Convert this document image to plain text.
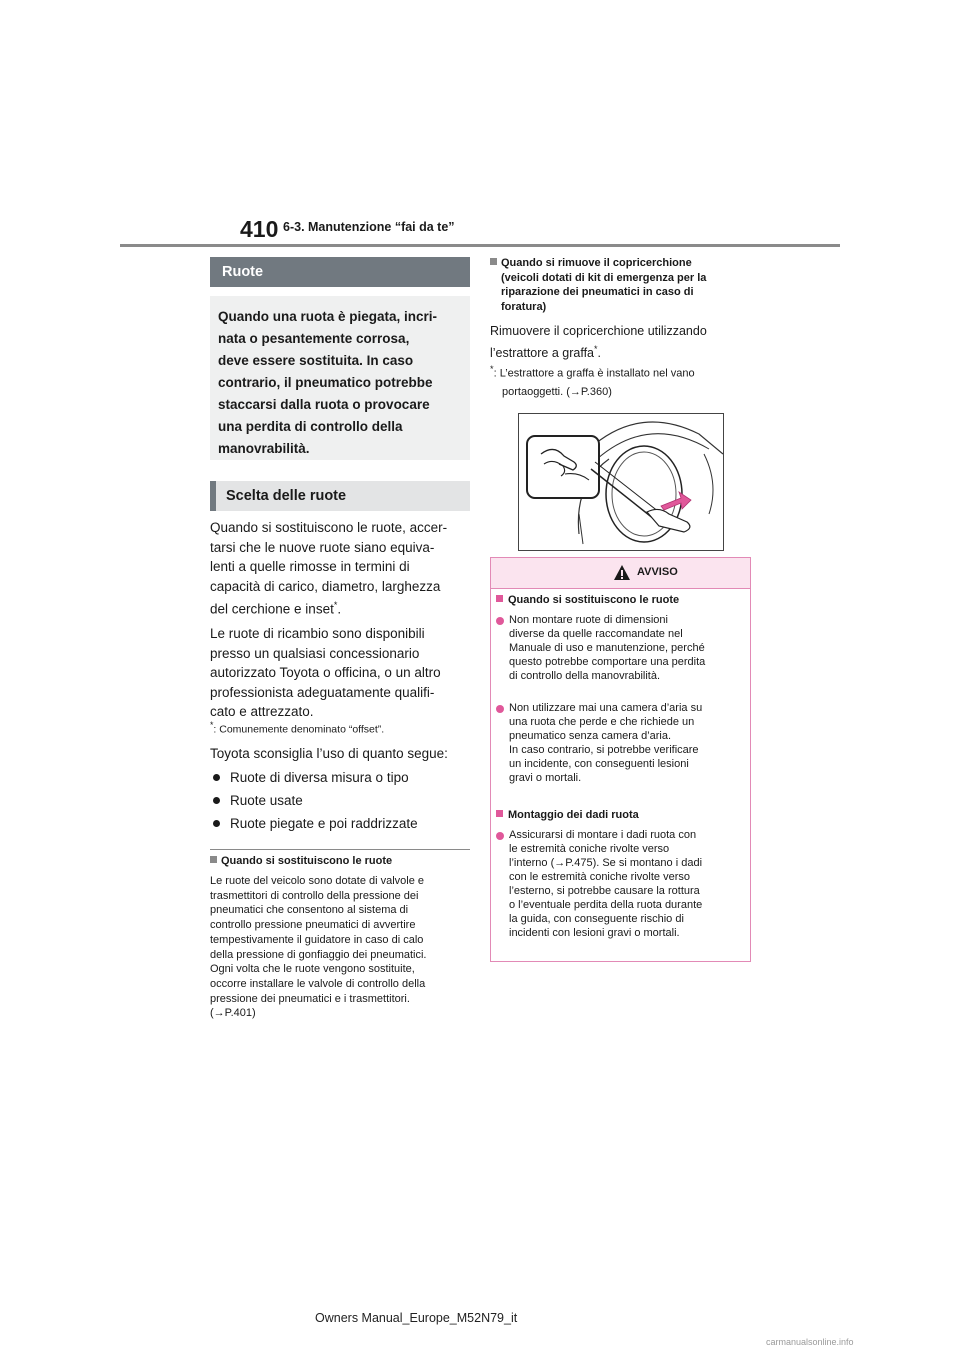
410 6-3. Manutenzione “fai da te”
Ruote
Quando una ruota è piegata, incri-
nata o pesantemente corrosa,
deve essere sostituita. In caso
contrario, il pneumatico potrebbe
staccarsi dalla ruota o provocare
una perdita di controllo della
manovrabilità.
Scelta delle ruote
Quando si sostituiscono le ruote, accer-
tarsi che le nuove ruote siano equiva-
lenti a quelle rimosse in termini di
capacità di carico, diametro, larghezza
del cerchione e inset*.
Le ruote di ricambio sono disponibili
presso un qualsiasi concessionario
autorizzato Toyota o officina, o un altro
professionista adeguatamente qualifi-
cato e attrezzato.
*: Comunemente denominato “offset”.
Toyota sconsiglia l’uso di quanto segue:
Ruote di diversa misura o tipo
Ruote usate
Ruote piegate e poi raddrizzate
Quando si sostituiscono le ruote
Le ruote del veicolo sono dotate di valvole e
trasmettitori di controllo della pressione dei
pneumatici che consentono al sistema di
controllo pressione pneumatici di avvertire
tempestivamente il guidatore in caso di calo
della pressione di gonfiaggio dei pneumatici.
Ogni volta che le ruote vengono sostituite,
occorre installare le valvole di controllo della
pressione dei pneumatici e i trasmettitori.
(→P.401)
Quando si rimuove il copricerchione
(veicoli dotati di kit di emergenza per la
riparazione dei pneumatici in caso di
foratura)
Rimuovere il copricerchione utilizzando
l’estrattore a graffa*.
*: L’estrattore a graffa è installato nel vano
portaoggetti. (→P.360)
AVVISO
Quando si sostituiscono le ruote
Non montare ruote di dimensioni
diverse da quelle raccomandate nel
Manuale di uso e manutenzione, perché
questo potrebbe comportare una perdita
di controllo della manovrabilità.
Non utilizzare mai una camera d’aria su
una ruota che perde e che richiede un
pneumatico senza camera d’aria.
In caso contrario, si potrebbe verificare
un incidente, con conseguenti lesioni
gravi o mortali.
Montaggio dei dadi ruota
Assicurarsi di montare i dadi ruota con
le estremità coniche rivolte verso
l’interno (→P.475). Se si montano i dadi
con le estremità coniche rivolte verso
l’esterno, si potrebbe causare la rottura
o l’eventuale perdita della ruota durante
la guida, con conseguente rischio di
incidenti con lesioni gravi o mortali.
Owners Manual_Europe_M52N79_it
carmanualsonline.info
